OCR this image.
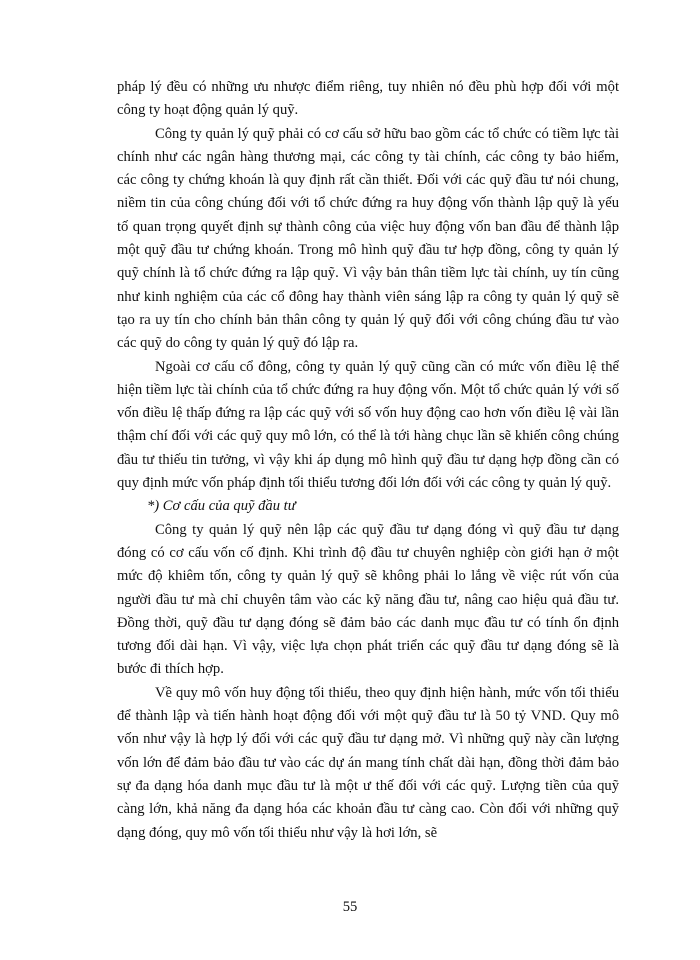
pháp lý đều có những ưu nhược điểm riêng, tuy nhiên nó đều phù hợp đối với một công ty hoạt động quản lý quỹ.

Công ty quản lý quỹ phải có cơ cấu sở hữu bao gồm các tổ chức có tiềm lực tài chính như các ngân hàng thương mại, các công ty tài chính, các công ty bảo hiểm, các công ty chứng khoán là quy định rất cần thiết. Đối với các quỹ đầu tư nói chung, niềm tin của công chúng đối với tổ chức đứng ra huy động vốn thành lập quỹ là yếu tố quan trọng quyết định sự thành công của việc huy động vốn ban đầu để thành lập một quỹ đầu tư chứng khoán. Trong mô hình quỹ đầu tư hợp đồng, công ty quản lý quỹ chính là tổ chức đứng ra lập quỹ. Vì vậy bản thân tiềm lực tài chính, uy tín cũng như kinh nghiệm của các cổ đông hay thành viên sáng lập ra công ty quản lý quỹ sẽ tạo ra uy tín cho chính bản thân công ty quản lý quỹ đối với công chúng đầu tư vào các quỹ do công ty quản lý quỹ đó lập ra.

Ngoài cơ cấu cổ đông, công ty quản lý quỹ cũng cần có mức vốn điều lệ thể hiện tiềm lực tài chính của tổ chức đứng ra huy động vốn. Một tổ chức quản lý với số vốn điều lệ thấp đứng ra lập các quỹ với số vốn huy động cao hơn vốn điều lệ vài lần thậm chí đối với các quỹ quy mô lớn, có thể là tới hàng chục lần sẽ khiến công chúng đầu tư thiếu tin tưởng, vì vậy khi áp dụng mô hình quỹ đầu tư dạng hợp đồng cần có quy định mức vốn pháp định tối thiểu tương đối lớn đối với các công ty quản lý quỹ.

*) Cơ cấu của quỹ đầu tư

Công ty quản lý quỹ nên lập các quỹ đầu tư dạng đóng vì quỹ đầu tư dạng đóng có cơ cấu vốn cố định. Khi trình độ đầu tư chuyên nghiệp còn giới hạn ở một mức độ khiêm tốn, công ty quản lý quỹ sẽ không phải lo lắng về việc rút vốn của người đầu tư mà chỉ chuyên tâm vào các kỹ năng đầu tư, nâng cao hiệu quả đầu tư. Đồng thời, quỹ đầu tư dạng đóng sẽ đảm bảo các danh mục đầu tư có tính ổn định tương đối dài hạn. Vì vậy, việc lựa chọn phát triển các quỹ đầu tư dạng đóng sẽ là bước đi thích hợp.

Về quy mô vốn huy động tối thiểu, theo quy định hiện hành, mức vốn tối thiểu để thành lập và tiến hành hoạt động đối với một quỹ đầu tư là 50 tỷ VND. Quy mô vốn như vậy là hợp lý đối với các quỹ đầu tư dạng mở. Vì những quỹ này cần lượng vốn lớn để đảm bảo đầu tư vào các dự án mang tính chất dài hạn, đồng thời đảm bảo sự đa dạng hóa danh mục đầu tư là một ư thế đối với các quỹ. Lượng tiền của quỹ càng lớn, khả năng đa dạng hóa các khoản đầu tư càng cao. Còn đối với những quỹ dạng đóng, quy mô vốn tối thiểu như vậy là hơi lớn, sẽ

55
